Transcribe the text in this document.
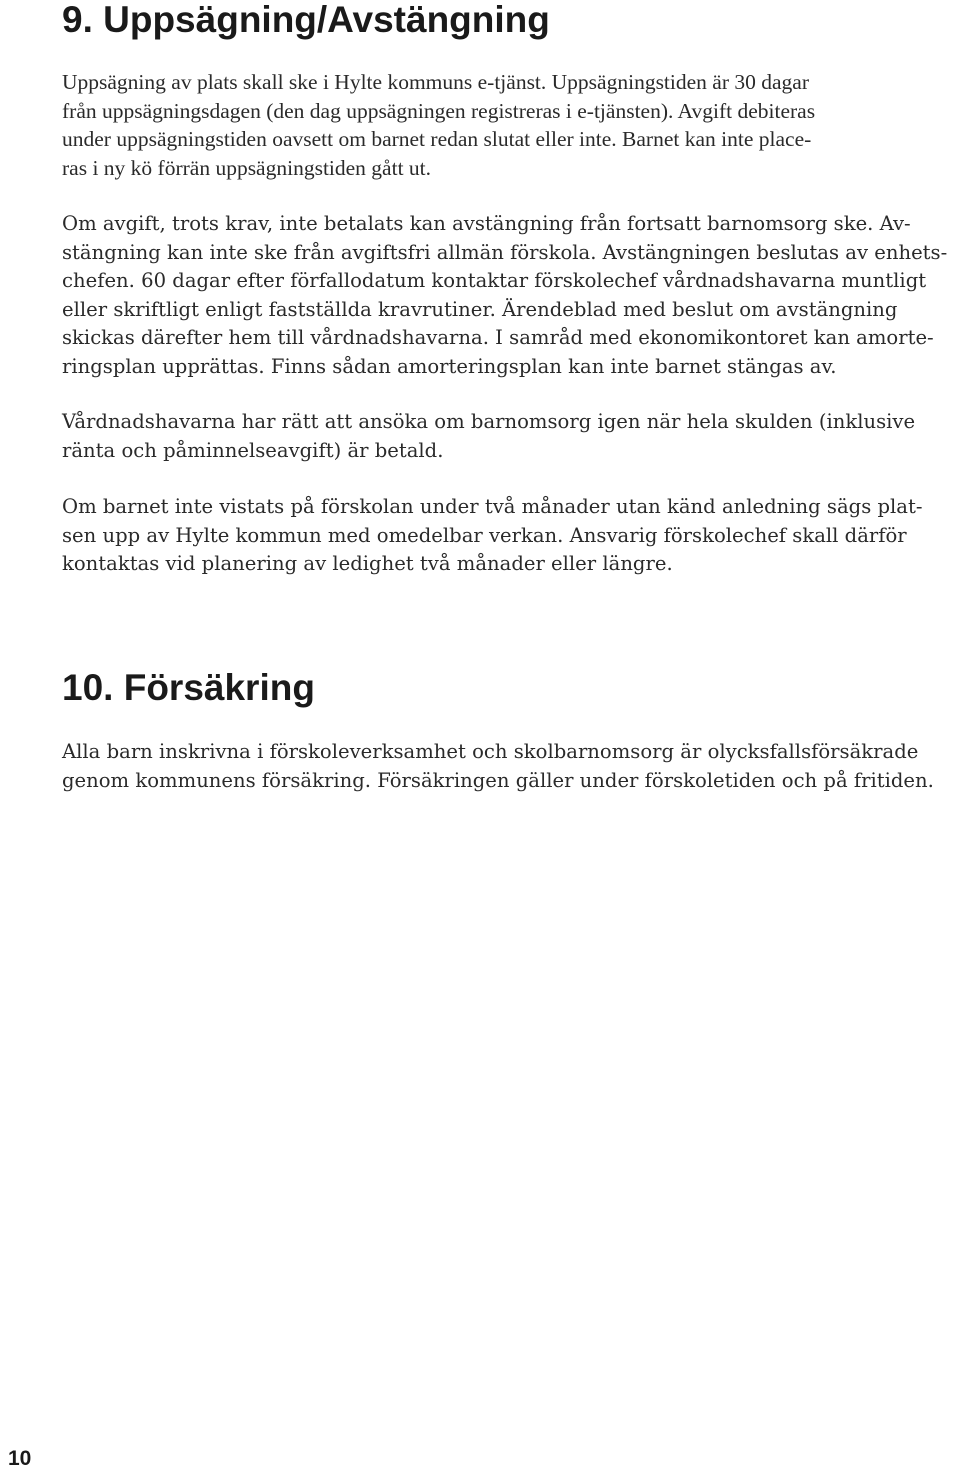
9. Uppsägning/Avstängning
Uppsägning av plats skall ske i Hylte kommuns e-tjänst. Uppsägningstiden är 30 dagar
från uppsägningsdagen (den dag uppsägningen registreras i e-tjänsten). Avgift debiteras
under uppsägningstiden oavsett om barnet redan slutat eller inte. Barnet kan inte place-
ras i ny kö förrän uppsägningstiden gått ut.
Om avgift, trots krav, inte betalats kan avstängning från fortsatt barnomsorg ske. Av-
stängning kan inte ske från avgiftsfri allmän förskola. Avstängningen beslutas av enhets-
chefen. 60 dagar efter förfallodatum kontaktar förskolechef vårdnadshavarna muntligt
eller skriftligt enligt fastställda kravrutiner. Ärendeblad med beslut om avstängning
skickas därefter hem till vårdnadshavarna. I samråd med ekonomikontoret kan amorte-
ringsplan upprättas. Finns sådan amorteringsplan kan inte barnet stängas av.
Vårdnadshavarna har rätt att ansöka om barnomsorg igen när hela skulden (inklusive
ränta och påminnelseavgift) är betald.
Om barnet inte vistats på förskolan under två månader utan känd anledning sägs plat-
sen upp av Hylte kommun med omedelbar verkan. Ansvarig förskolechef skall därför
kontaktas vid planering av ledighet två månader eller längre.
10. Försäkring
Alla barn inskrivna i förskoleverksamhet och skolbarnomsorg är olycksfallsförsäkrade
genom kommunens försäkring. Försäkringen gäller under förskoletiden och på fritiden.
10
